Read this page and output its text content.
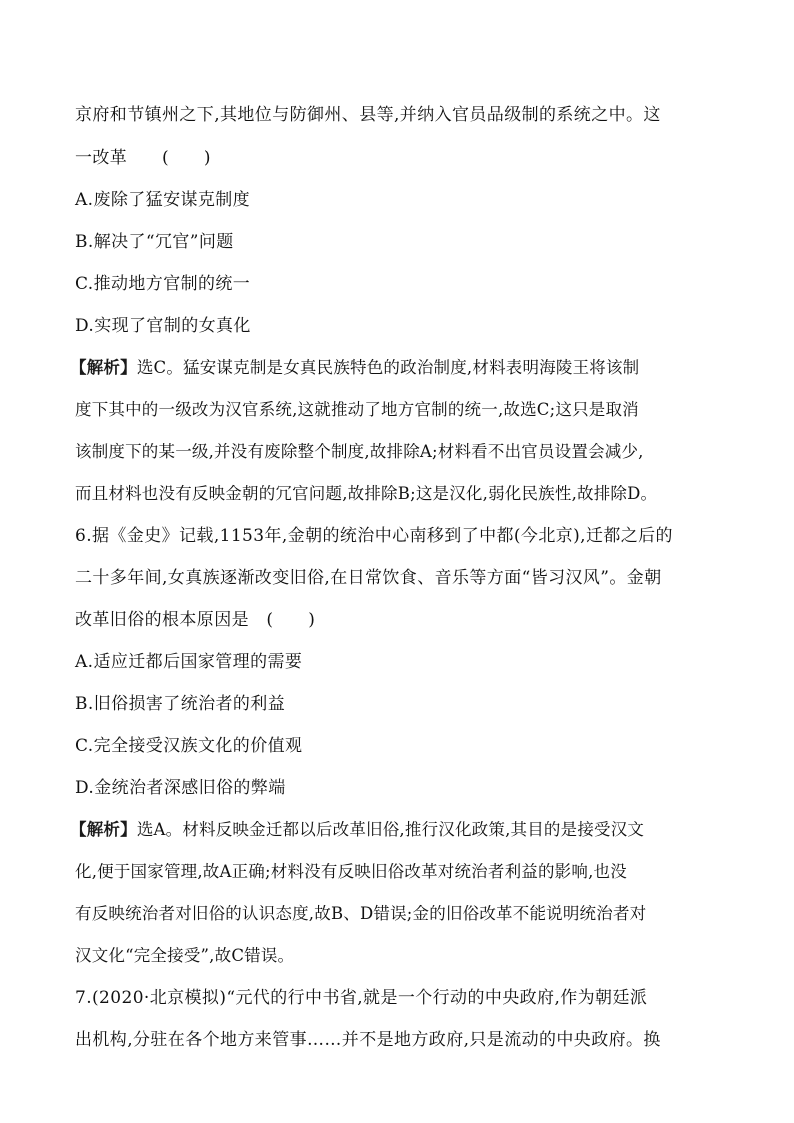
京府和节镇州之下,其地位与防御州、县等,并纳入官员品级制的系统之中。这
一改革　　(　　)
A.废除了猛安谋克制度
B.解决了“冗官”问题
C.推动地方官制的统一
D.实现了官制的女真化
【解析】选C。猛安谋克制是女真民族特色的政治制度,材料表明海陵王将该制
度下其中的一级改为汉官系统,这就推动了地方官制的统一,故选C;这只是取消
该制度下的某一级,并没有废除整个制度,故排除A;材料看不出官员设置会减少,
而且材料也没有反映金朝的冗官问题,故排除B;这是汉化,弱化民族性,故排除D。
6.据《金史》记载,1153年,金朝的统治中心南移到了中都(今北京),迁都之后的
二十多年间,女真族逐渐改变旧俗,在日常饮食、音乐等方面“皆习汉风”。金朝
改革旧俗的根本原因是　(　　)
A.适应迁都后国家管理的需要
B.旧俗损害了统治者的利益
C.完全接受汉族文化的价值观
D.金统治者深感旧俗的弊端
【解析】选A。材料反映金迁都以后改革旧俗,推行汉化政策,其目的是接受汉文
化,便于国家管理,故A正确;材料没有反映旧俗改革对统治者利益的影响,也没
有反映统治者对旧俗的认识态度,故B、D错误;金的旧俗改革不能说明统治者对
汉文化“完全接受”,故C错误。
7.(2020·北京模拟)“元代的行中书省,就是一个行动的中央政府,作为朝廷派
出机构,分驻在各个地方来管事……并不是地方政府,只是流动的中央政府。换
